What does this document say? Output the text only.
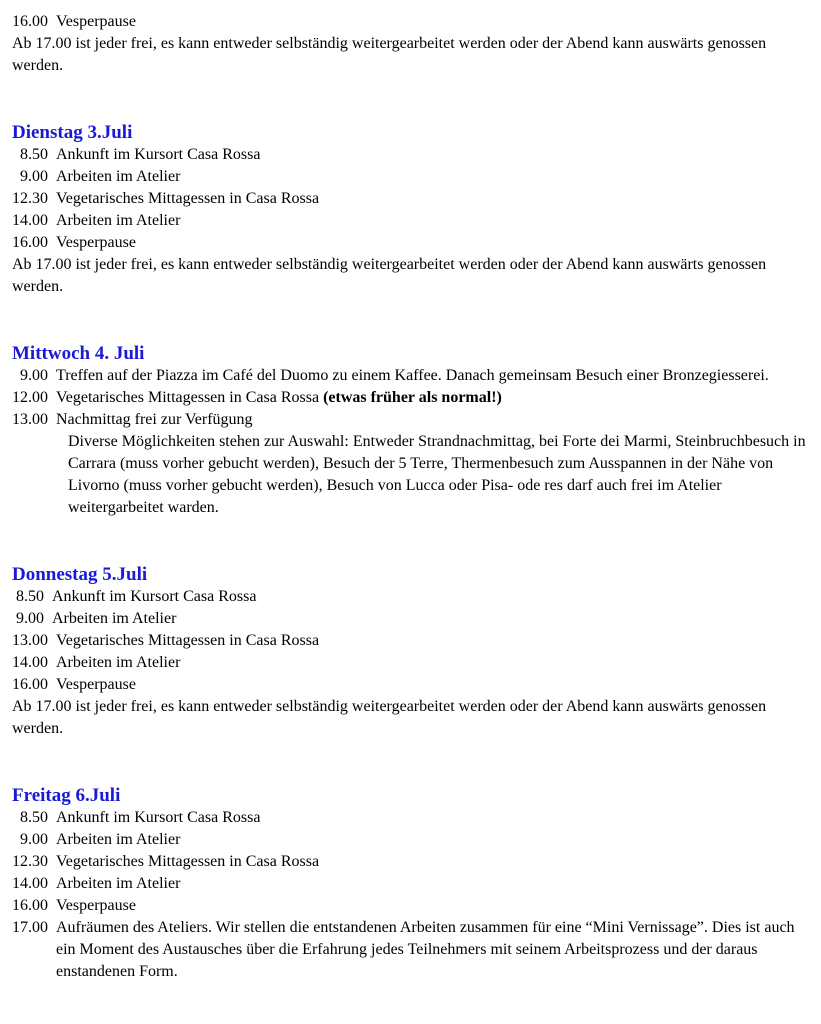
16.00
Vesperpause

Ab 17.00 ist jeder frei, es kann entweder selbständig weitergearbeitet werden oder der Abend kann auswärts genossen werden.

Dienstag 3.Juli
8.50
Ankunft im Kursort Casa Rossa
9.00
Arbeiten im Atelier
12.30
Vegetarisches Mittagessen in Casa Rossa
14.00
Arbeiten im Atelier
16.00
Vesperpause

Ab 17.00 ist jeder frei, es kann entweder selbständig weitergearbeitet werden oder der Abend kann auswärts genossen werden.

Mittwoch 4. Juli
9.00
Treffen auf der Piazza im Café del Duomo zu einem Kaffee. Danach gemeinsam Besuch einer Bronzegiesserei.
12.00
Vegetarisches Mittagessen in Casa Rossa (etwas früher als normal!)
13.00
Nachmittag frei zur Verfügung

Diverse Möglichkeiten stehen zur Auswahl: Entweder Strandnachmittag, bei Forte dei Marmi, Steinbruchbesuch in Carrara (muss vorher gebucht werden), Besuch der 5 Terre, Thermenbesuch zum Ausspannen in der Nähe von Livorno (muss vorher gebucht werden), Besuch von Lucca oder Pisa- ode res darf auch frei im Atelier weitergarbeitet warden.

Donnestag 5.Juli
8.50
Ankunft im Kursort Casa Rossa
9.00
Arbeiten im Atelier
13.00
Vegetarisches Mittagessen in Casa Rossa
14.00
Arbeiten im Atelier
16.00
Vesperpause

Ab 17.00 ist jeder frei, es kann entweder selbständig weitergearbeitet werden oder der Abend kann auswärts genossen werden.

Freitag 6.Juli
8.50
Ankunft im Kursort Casa Rossa
9.00
Arbeiten im Atelier
12.30
Vegetarisches Mittagessen in Casa Rossa
14.00
Arbeiten im Atelier
16.00
Vesperpause
17.00
Aufräumen des Ateliers. Wir stellen die entstandenen Arbeiten zusammen für eine “Mini Vernissage”. Dies ist auch ein Moment des Austausches über die Erfahrung jedes Teilnehmers mit seinem Arbeitsprozess und der daraus enstandenen Form.
